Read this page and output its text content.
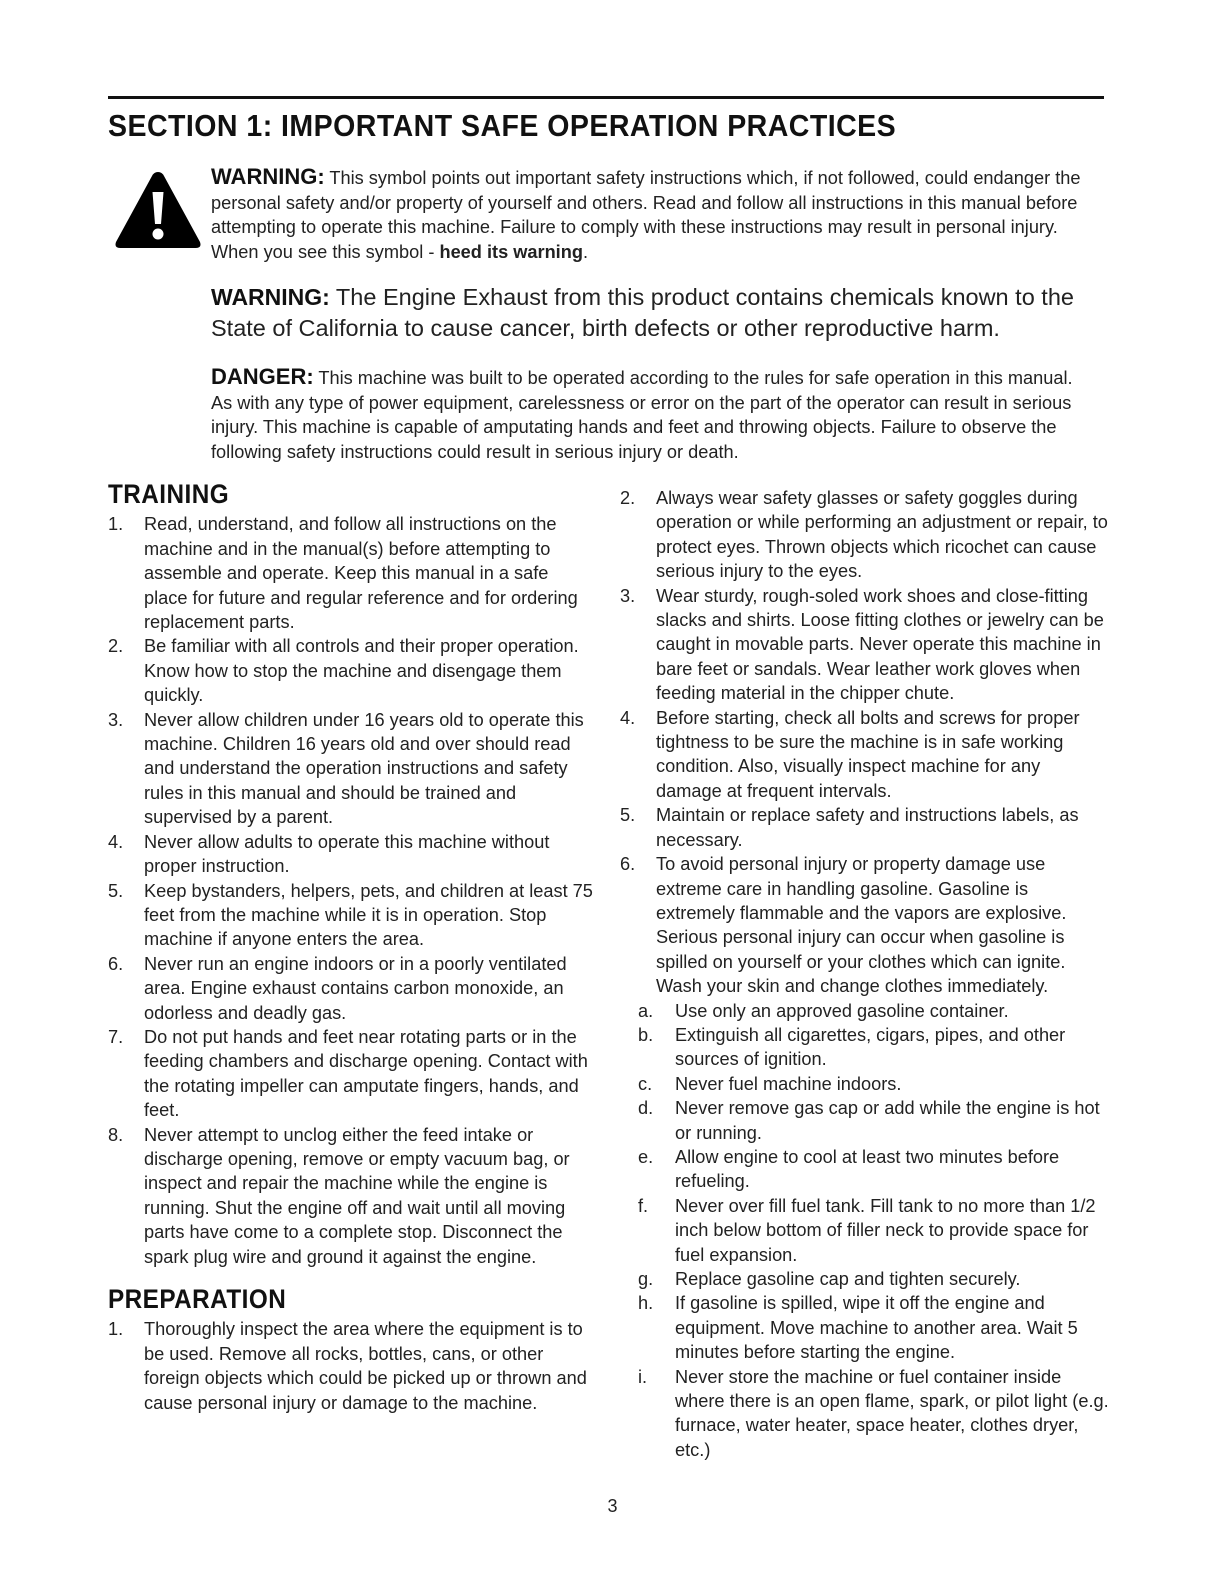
SECTION 1: IMPORTANT SAFE OPERATION PRACTICES
WARNING: This symbol points out important safety instructions which, if not followed, could endanger the personal safety and/or property of yourself and others. Read and follow all instructions in this manual before attempting to operate this machine. Failure to comply with these instructions may result in personal injury. When you see this symbol - heed its warning.
WARNING: The Engine Exhaust from this product contains chemicals known to the State of California to cause cancer, birth defects or other reproductive harm.
DANGER: This machine was built to be operated according to the rules for safe operation in this manual. As with any type of power equipment, carelessness or error on the part of the operator can result in serious injury. This machine is capable of amputating hands and feet and throwing objects. Failure to observe the following safety instructions could result in serious injury or death.
TRAINING
1.	Read, understand, and follow all instructions on the machine and in the manual(s) before attempting to assemble and operate. Keep this manual in a safe place for future and regular reference and for ordering replacement parts.
2.	Be familiar with all controls and their proper operation. Know how to stop the machine and disengage them quickly.
3.	Never allow children under 16 years old to operate this machine. Children 16 years old and over should read and understand the operation instructions and safety rules in this manual and should be trained and supervised by a parent.
4.	Never allow adults to operate this machine without proper instruction.
5.	Keep bystanders, helpers, pets, and children at least 75 feet from the machine while it is in operation. Stop machine if anyone enters the area.
6.	Never run an engine indoors or in a poorly ventilated area. Engine exhaust contains carbon monoxide, an odorless and deadly gas.
7.	Do not put hands and feet near rotating parts or in the feeding chambers and discharge opening. Contact with the rotating impeller can amputate fingers, hands, and feet.
8.	Never attempt to unclog either the feed intake or discharge opening, remove or empty vacuum bag, or inspect and repair the machine while the engine is running. Shut the engine off and wait until all moving parts have come to a complete stop. Disconnect the spark plug wire and ground it against the engine.
PREPARATION
1.	Thoroughly inspect the area where the equipment is to be used. Remove all rocks, bottles, cans, or other foreign objects which could be picked up or thrown and cause personal injury or damage to the machine.
2.	Always wear safety glasses or safety goggles during operation or while performing an adjustment or repair, to protect eyes. Thrown objects which ricochet can cause serious injury to the eyes.
3.	Wear sturdy, rough-soled work shoes and close-fitting slacks and shirts. Loose fitting clothes or jewelry can be caught in movable parts. Never operate this machine in bare feet or sandals. Wear leather work gloves when feeding material in the chipper chute.
4.	Before starting, check all bolts and screws for proper tightness to be sure the machine is in safe working condition. Also, visually inspect machine for any damage at frequent intervals.
5.	Maintain or replace safety and instructions labels, as necessary.
6.	To avoid personal injury or property damage use extreme care in handling gasoline. Gasoline is extremely flammable and the vapors are explosive. Serious personal injury can occur when gasoline is spilled on yourself or your clothes which can ignite. Wash your skin and change clothes immediately.
a.	Use only an approved gasoline container.
b.	Extinguish all cigarettes, cigars, pipes, and other sources of ignition.
c.	Never fuel machine indoors.
d.	Never remove gas cap or add while the engine is hot or running.
e.	Allow engine to cool at least two minutes before refueling.
f.	Never over fill fuel tank. Fill tank to no more than 1/2 inch below bottom of filler neck to provide space for fuel expansion.
g.	Replace gasoline cap and tighten securely.
h.	If gasoline is spilled, wipe it off the engine and equipment. Move machine to another area. Wait 5 minutes before starting the engine.
i.	Never store the machine or fuel container inside where there is an open flame, spark, or pilot light (e.g. furnace, water heater, space heater, clothes dryer, etc.)
3
